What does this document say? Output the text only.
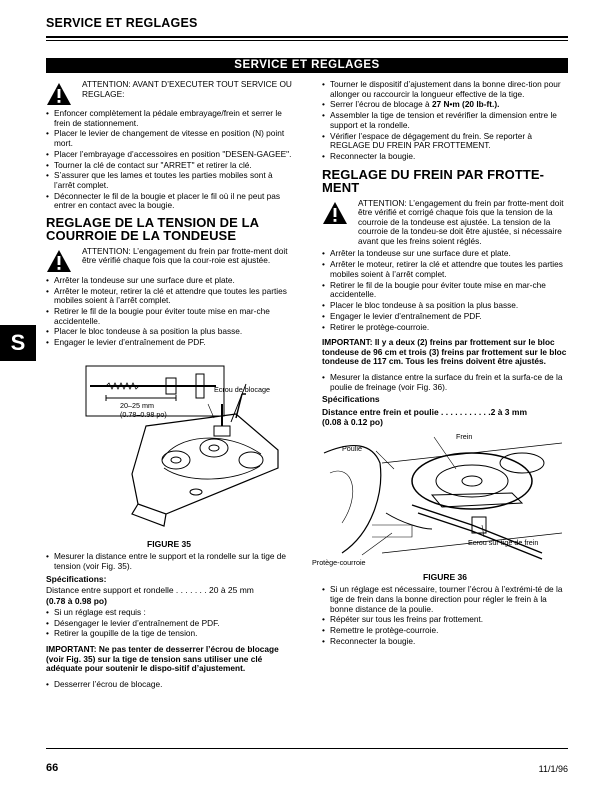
SERVICE ET REGLAGES
SERVICE ET REGLAGES
S
ATTENTION: AVANT D’EXECUTER TOUT SERVICE OU REGLAGE:
• Enfoncer complètement la pédale embrayage/frein et serrer le frein de stationnement.
• Placer le levier de changement de vitesse en position (N) point mort.
• Placer l’embrayage d’accessoires en position "DESEN-GAGEE".
• Tourner la clé de contact sur "ARRET" et retirer la clé.
• S’assurer que les lames et toutes les parties mobiles sont à l’arrêt complet.
• Déconnecter le fil de la bougie et placer le fil où il ne peut pas entrer en contact avec la bougie.
REGLAGE DE LA TENSION DE LA COURROIE DE LA TONDEUSE
ATTENTION: L’engagement du frein par frotte-ment doit être vérifié chaque fois que la cour-roie est ajustée.
• Arrêter la tondeuse sur une surface dure et plate.
• Arrêter le moteur, retirer la clé et attendre que toutes les parties mobiles soient à l’arrêt complet.
• Retirer le fil de la bougie pour éviter toute mise en mar-che accidentelle.
• Placer le bloc tondeuse à sa position la plus basse.
• Engager le levier d’entraînement de PDF.
Ecrou de blocage
20–25 mm
(0.78–0.98 po)
FIGURE 35
• Mesurer la distance entre le support et la rondelle sur la tige de tension (voir Fig. 35).
Spécifications:
Distance entre support et rondelle . . . . . . . 20 à 25 mm
(0.78 à 0.98 po)
• Si un réglage est requis :
• Désengager le levier d’entraînement de PDF.
• Retirer la goupille de la tige de tension.
IMPORTANT: Ne pas tenter de desserrer l’écrou de blocage (voir Fig. 35) sur la tige de tension sans utiliser une clé adéquate pour soutenir le dispo-sitif d’ajustement.
• Desserrer l’écrou de blocage.
• Tourner le dispositif d’ajustement dans la bonne direc-tion pour allonger ou raccourcir la longueur effective de la tige.
• Serrer l’écrou de blocage à 27 N•m (20 lb-ft.).
• Assembler la tige de tension et revérifier la dimension entre le support et la rondelle.
• Vérifier l’espace de dégagement du frein. Se reporter à REGLAGE DU FREIN PAR FROTTEMENT.
• Reconnecter la bougie.
REGLAGE DU FREIN PAR FROTTE-MENT
ATTENTION: L’engagement du frein par frotte-ment doit être vérifié et corrigé chaque fois que la tension de la courroie de la tondeuse est ajustée. La tension de la courroie de la tondeu-se doit être ajustée, si nécessaire avant que les freins soient réglés.
• Arrêter la tondeuse sur une surface dure et plate.
• Arrêter le moteur, retirer la clé et attendre que toutes les parties mobiles soient à l’arrêt complet.
• Retirer le fil de la bougie pour éviter toute mise en mar-che accidentelle.
• Placer le bloc tondeuse à sa position la plus basse.
• Engager le levier d’entraînement de PDF.
• Retirer le protège-courroie.
IMPORTANT: Il y a deux (2) freins par frottement sur le bloc tondeuse de 96 cm et trois (3) freins par frottement sur le bloc tondeuse de 117 cm. Tous les freins doivent être ajustés.
• Mesurer la distance entre la surface du frein et la surfa-ce de la poulie de freinage (voir Fig. 36).
Spécifications
Distance entre frein et poulie . . . . . . . . . . .2 à 3 mm
(0.08 à 0.12 po)
Frein
Poulie
Protège-courroie
Ecrou sur tige de frein
FIGURE 36
• Si un réglage est nécessaire, tourner l’écrou à l’extrémi-té de la tige de frein dans la bonne direction pour régler le frein à la bonne distance de la poulie.
• Répéter sur tous les freins par frottement.
• Remettre le protège-courroie.
• Reconnecter la bougie.
66	11/1/96
